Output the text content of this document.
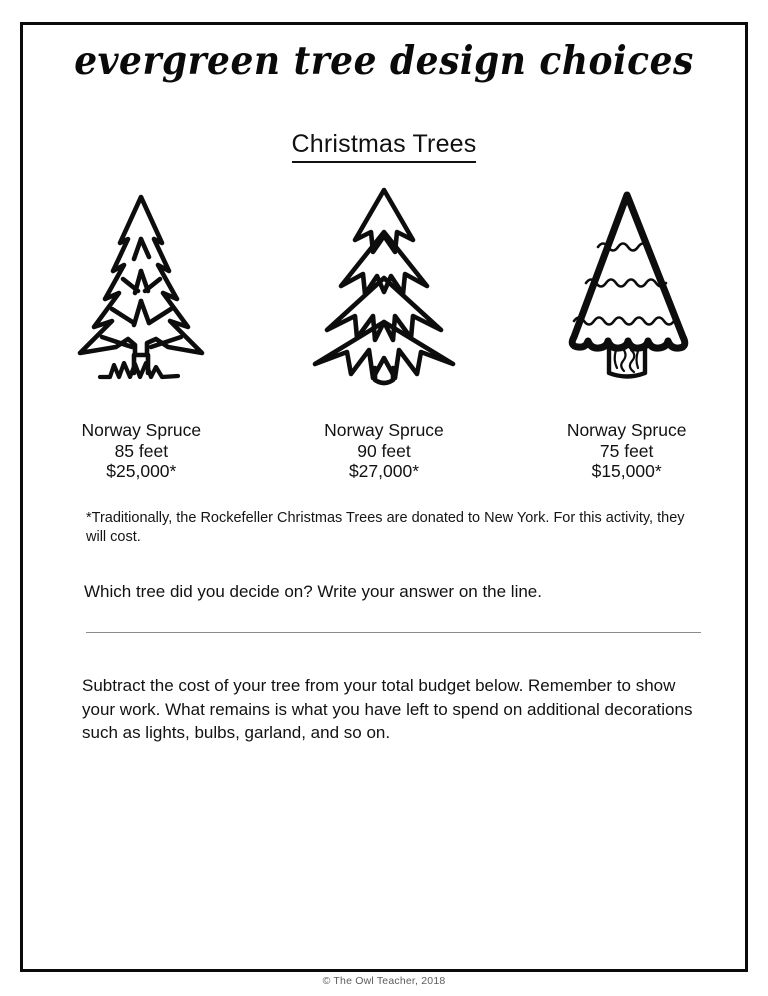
evergreen tree design choices
Christmas Trees
Norway Spruce
85 feet
$25,000*
Norway Spruce
90 feet
$27,000*
Norway Spruce
75 feet
$15,000*
*Traditionally, the Rockefeller Christmas Trees are donated to New York. For this activity, they will cost.
Which tree did you decide on? Write your answer on the line.
Subtract the cost of your tree from your total budget below. Remember to show your work. What remains is what you have left to spend on additional decorations such as lights, bulbs, garland, and so on.
© The Owl Teacher, 2018
